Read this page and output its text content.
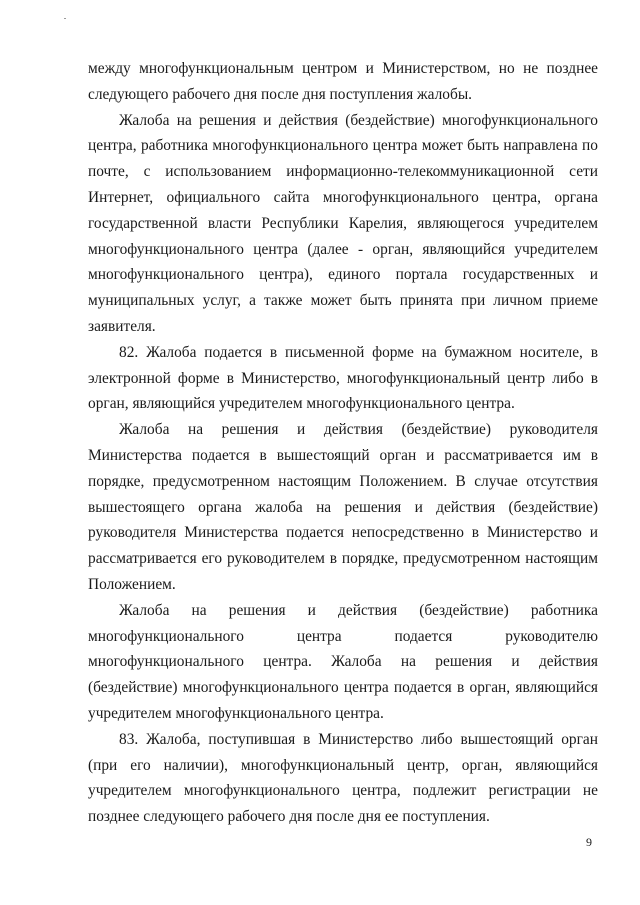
между многофункциональным центром и Министерством, но не позднее следующего рабочего дня после дня поступления жалобы.

Жалоба на решения и действия (бездействие) многофункционального центра, работника многофункционального центра может быть направлена по почте, с использованием информационно-телекоммуникационной сети Интернет, официального сайта многофункционального центра, органа государственной власти Республики Карелия, являющегося учредителем многофункционального центра (далее - орган, являющийся учредителем многофункционального центра), единого портала государственных и муниципальных услуг, а также может быть принята при личном приеме заявителя.

82. Жалоба подается в письменной форме на бумажном носителе, в электронной форме в Министерство, многофункциональный центр либо в орган, являющийся учредителем многофункционального центра.

Жалоба на решения и действия (бездействие) руководителя Министерства подается в вышестоящий орган и рассматривается им в порядке, предусмотренном настоящим Положением. В случае отсутствия вышестоящего органа жалоба на решения и действия (бездействие) руководителя Министерства подается непосредственно в Министерство и рассматривается его руководителем в порядке, предусмотренном настоящим Положением.

Жалоба на решения и действия (бездействие) работника многофункционального центра подается руководителю многофункционального центра. Жалоба на решения и действия (бездействие) многофункционального центра подается в орган, являющийся учредителем многофункционального центра.

83. Жалоба, поступившая в Министерство либо вышестоящий орган (при его наличии), многофункциональный центр, орган, являющийся учредителем многофункционального центра, подлежит регистрации не позднее следующего рабочего дня после дня ее поступления.

9
